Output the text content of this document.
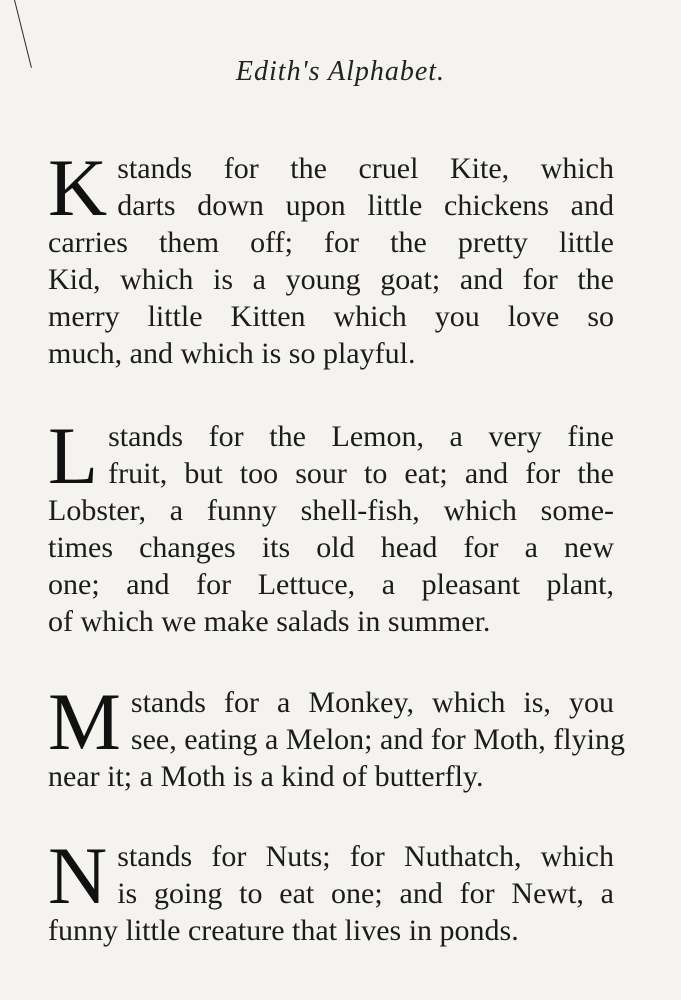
Edith's Alphabet.
K stands for the cruel Kite, which
darts down upon little chickens and
carries them off; for the pretty little
Kid, which is a young goat; and for the
merry little Kitten which you love so
much, and which is so playful.
L stands for the Lemon, a very fine
fruit, but too sour to eat; and for the
Lobster, a funny shell-fish, which some-
times changes its old head for a new
one; and for Lettuce, a pleasant plant,
of which we make salads in summer.
M stands for a Monkey, which is, you
see, eating a Melon; and for Moth, flying
near it; a Moth is a kind of butterfly.
N stands for Nuts; for Nuthatch, which
is going to eat one; and for Newt, a
funny little creature that lives in ponds.
